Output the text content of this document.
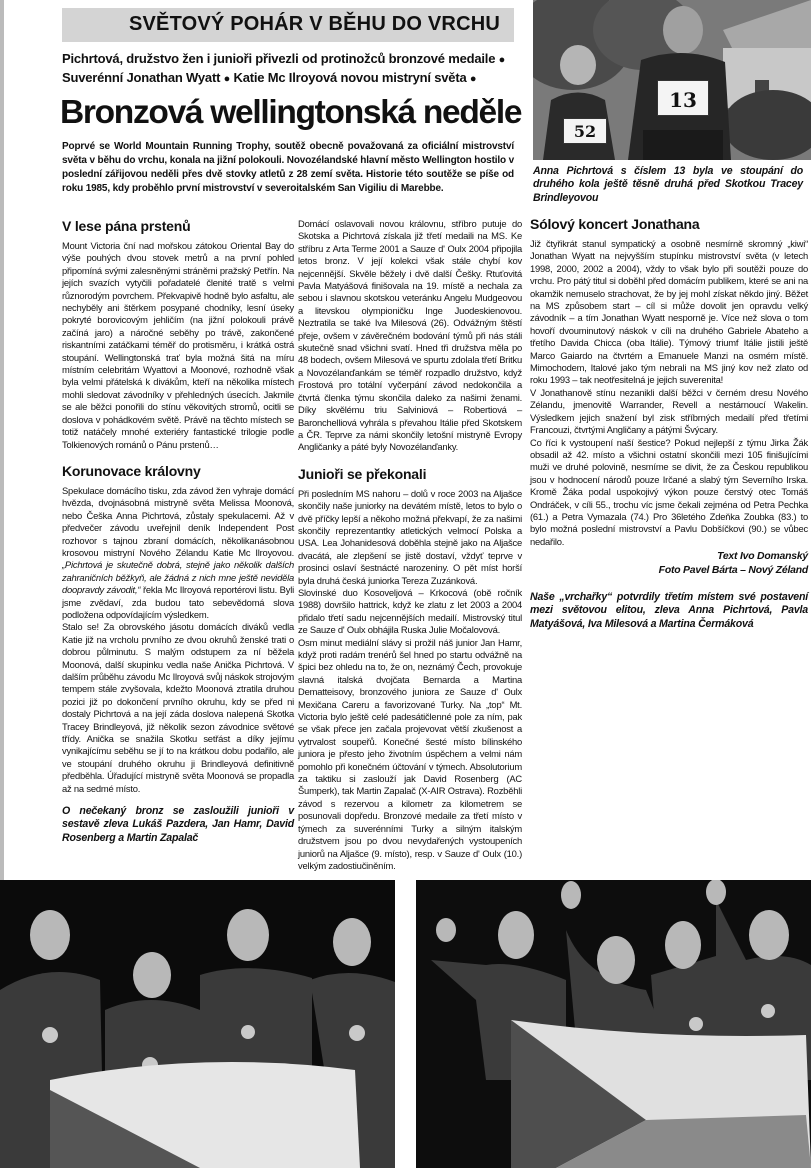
SVĚTOVÝ POHÁR V BĚHU DO VRCHU
Pichrtová, družstvo žen i junioři přivezli od protinožců bronzové medaile ●
Suverénní Jonathan Wyatt ● Katie Mc Ilroyová novou mistryní světa ●
Bronzová wellingtonská neděle
Poprvé se World Mountain Running Trophy, soutěž obecně považovaná za oficiální mistrovství světa v běhu do vrchu, konala na jižní polokouli. Novozélandské hlavní město Wellington hostilo v poslední zářijovou neděli přes dvě stovky atletů z 28 zemí světa. Historie této soutěže se píše od roku 1985, kdy proběhlo první mistrovství v severoitalském San Vigiliu di Marebbe.
52
13
Anna Pichrtová s číslem 13 byla ve stoupání do druhého kola ještě těsně druhá před Skotkou Tracey Brindleyovou
V lese pána prstenů

Mount Victoria ční nad mořskou zátokou Oriental Bay do výše pouhých dvou stovek metrů a na první pohled připomíná svými zalesněnými stráněmi pražský Petřín. Na jejích svazích vytyčili pořadatelé členité tratě s velmi různorodým povrchem. Překvapivě hodně bylo asfaltu, ale nechyběly ani štěrkem posypané chodníky, lesní úseky pokryté borovicovým jehličím (na jižní polokouli právě začíná jaro) a náročné seběhy po trávě, zakončené riskantními zatáčkami téměř do protisměru, i krátká ostrá stoupání. Wellingtonská trať byla možná šitá na míru místním celebritám Wyattovi a Moonové, rozhodně však byla velmi přátelská k divákům, kteří na několika místech mohli sledovat závodníky v přehledných úsecích. Jakmile se ale běžci ponořili do stínu věkovitých stromů, ocitli se doslova v pohádkovém světě. Právě na těchto místech se totiž natáčely mnohé exteriéry fantastické trilogie podle Tolkienových románů o Pánu prstenů…

Korunovace královny

Spekulace domácího tisku, zda závod žen vyhraje domácí hvězda, dvojnásobná mistryně světa Melissa Moonová, nebo Češka Anna Pichrtová, zůstaly spekulacemi. Až v předvečer závodu uveřejnil deník Independent Post rozhovor s tajnou zbraní domácích, několikanásobnou krosovou mistryní Nového Zélandu Katie Mc Ilroyovou. „Pichrtová je skutečně dobrá, stejně jako několik dalších zahraničních běžkyň, ale žádná z nich mne ještě neviděla doopravdy závodit,“ řekla Mc Ilroyová reportérovi listu. Byli jsme zvědaví, zda budou tato sebevědomá slova podložena odpovídajícím výsledkem.

Stalo se! Za obrovského jásotu domácích diváků vedla Katie již na vrcholu prvního ze dvou okruhů ženské trati o dobrou půlminutu. S malým odstupem za ní běžela Moonová, další skupinku vedla naše Anička Pichrtová. V dalším průběhu závodu Mc Ilroyová svůj náskok strojovým tempem stále zvyšovala, kdežto Moonová ztratila druhou pozici již po dokončení prvního okruhu, kdy se před ni dostaly Pichrtová a na její záda doslova nalepená Skotka Tracey Brindleyová, již několik sezon závodnice světové třídy. Anička se snažila Skotku setřást a díky jejímu vynikajícímu seběhu se jí to na krátkou dobu podařilo, ale ve stoupání druhého okruhu ji Brindleyová definitivně předběhla. Úřadující mistryně světa Moonová se propadla až na sedmé místo.

O nečekaný bronz se zasloužili junioři v sestavě zleva Lukáš Pazdera, Jan Hamr, David Rosenberg a Martin Zapalač

Domácí oslavovali novou královnu, stříbro putuje do Skotska a Pichrtová získala již třetí medaili na MS. Ke stříbru z Arta Terme 2001 a Sauze d' Oulx 2004 připojila letos bronz. V její kolekci však stále chybí kov nejcennější. Skvěle běžely i dvě další Češky. Rtuťovitá Pavla Matyášová finišovala na 19. místě a nechala za sebou i slavnou skotskou veteránku Angelu Mudgeovou a litevskou olympioničku Inge Juodeskienovou. Neztratila se také Iva Milesová (26). Odvážným štěstí přeje, ovšem v závěrečném bodování týmů při nás stáli skutečně snad všichni svatí. Hned tři družstva měla po 48 bodech, ovšem Milesová ve spurtu zdolala třetí Britku a Novozélanďankám se téměř rozpadlo družstvo, když Frostová pro totální vyčerpání závod nedokončila a čtvrtá členka týmu skončila daleko za našimi ženami. Díky skvělému triu Salviniová – Robertiová – Baronchelliová vyhrála s převahou Itálie před Skotskem a ČR. Teprve za námi skončily letošní mistryně Evropy Angličanky a páté byly Novozélanďanky.

Junioři se překonali

Při posledním MS nahoru – dolů v roce 2003 na Aljašce skončily naše juniorky na devátém místě, letos to bylo o dvě příčky lepší a někoho možná překvapí, že za našimi skončily reprezentantky atletických velmocí Polska a USA. Lea Johanidesová doběhla stejně jako na Aljašce dvacátá, ale zlepšení se jistě dostaví, vždyť teprve v prosinci oslaví šestnácté narozeniny. O pět míst horší byla druhá česká juniorka Tereza Zuzánková.

Slovinské duo Kosoveljová – Krkocová (obě ročník 1988) dovršilo hattrick, když ke zlatu z let 2003 a 2004 přidalo třetí sadu nejcennějších medailí. Mistrovský titul ze Sauze d' Oulx obhájila Ruska Julie Močalovová.

Osm minut mediální slávy si prožil náš junior Jan Hamr, když proti radám trenérů šel hned po startu odvážně na špici bez ohledu na to, že on, neznámý Čech, provokuje slavná italská dvojčata Bernarda a Martina Dematteisovy, bronzového juniora ze Sauze d' Oulx Mexičana Careru a favorizované Turky. Na „top“ Mt. Victoria bylo ještě celé padesátičlenné pole za ním, pak se však přece jen začala projevovat větší zkušenost a vytrvalost soupeřů. Konečné šesté místo bílinského juniora je přesto jeho životním úspěchem a velmi nám pomohlo při konečném účtování v týmech. Absolutorium za taktiku si zaslouží jak David Rosenberg (AC Šumperk), tak Martin Zapalač (X-AIR Ostrava). Rozběhli závod s rezervou a kilometr za kilometrem se posunovali dopředu. Bronzové medaile za třetí místo v týmech za suverénními Turky a silným italským družstvem jsou po dvou nevydařených vystoupeních juniorů na Aljašce (9. místo), resp. v Sauze d' Oulx (10.) velkým zadostiučiněním.

Sólový koncert Jonathana

Již čtyřikrát stanul sympatický a osobně nesmírně skromný „kiwi“ Jonathan Wyatt na nejvyšším stupínku mistrovství světa (v letech 1998, 2000, 2002 a 2004), vždy to však bylo při soutěži pouze do vrchu. Pro pátý titul si doběhl před domácím publikem, které se ani na okamžik nemuselo strachovat, že by jej mohl získat někdo jiný. Běžet na MS způsobem start – cíl si může dovolit jen opravdu velký závodník – a tím Jonathan Wyatt nesporně je. Více než slova o tom hovoří dvouminutový náskok v cíli na druhého Gabriele Abateho a třetího Davida Chicca (oba Itálie). Týmový triumf Itálie jistili ještě Marco Gaiardo na čtvrtém a Emanuele Manzi na osmém místě. Mimochodem, Italové jako tým nebrali na MS jiný kov než zlato od roku 1993 – tak neotřesitelná je jejich suverenita!

V Jonathanově stínu nezanikli další běžci v černém dresu Nového Zélandu, jmenovitě Warrander, Revell a nestárnoucí Wakelin. Výsledkem jejich snažení byl zisk stříbrných medailí před třetími Francouzi, čtvrtými Angličany a pátými Švýcary.

Co říci k vystoupení naší šestice? Pokud nejlepší z týmu Jirka Žák obsadil až 42. místo a všichni ostatní skončili mezi 105 finišujícími muži ve druhé polovině, nesmíme se divit, že za Českou republikou jsou v hodnocení národů pouze Irčané a slabý tým Severního Irska. Kromě Žáka podal uspokojivý výkon pouze čerstvý otec Tomáš Ondráček, v cíli 55., trochu víc jsme čekali zejména od Petra Pechka (61.) a Petra Vymazala (74.) Pro 36letého Zdeňka Zoubka (83.) to bylo možná poslední mistrovství a Pavlu Dobšíčkovi (90.) se vůbec nedařilo.

Text Ivo Domanský
Foto Pavel Bárta – Nový Zéland
Naše „vrchařky“ potvrdily třetím místem své postavení mezi světovou elitou, zleva Anna Pichrtová, Pavla Matyášová, Iva Milesová a Martina Čermáková
